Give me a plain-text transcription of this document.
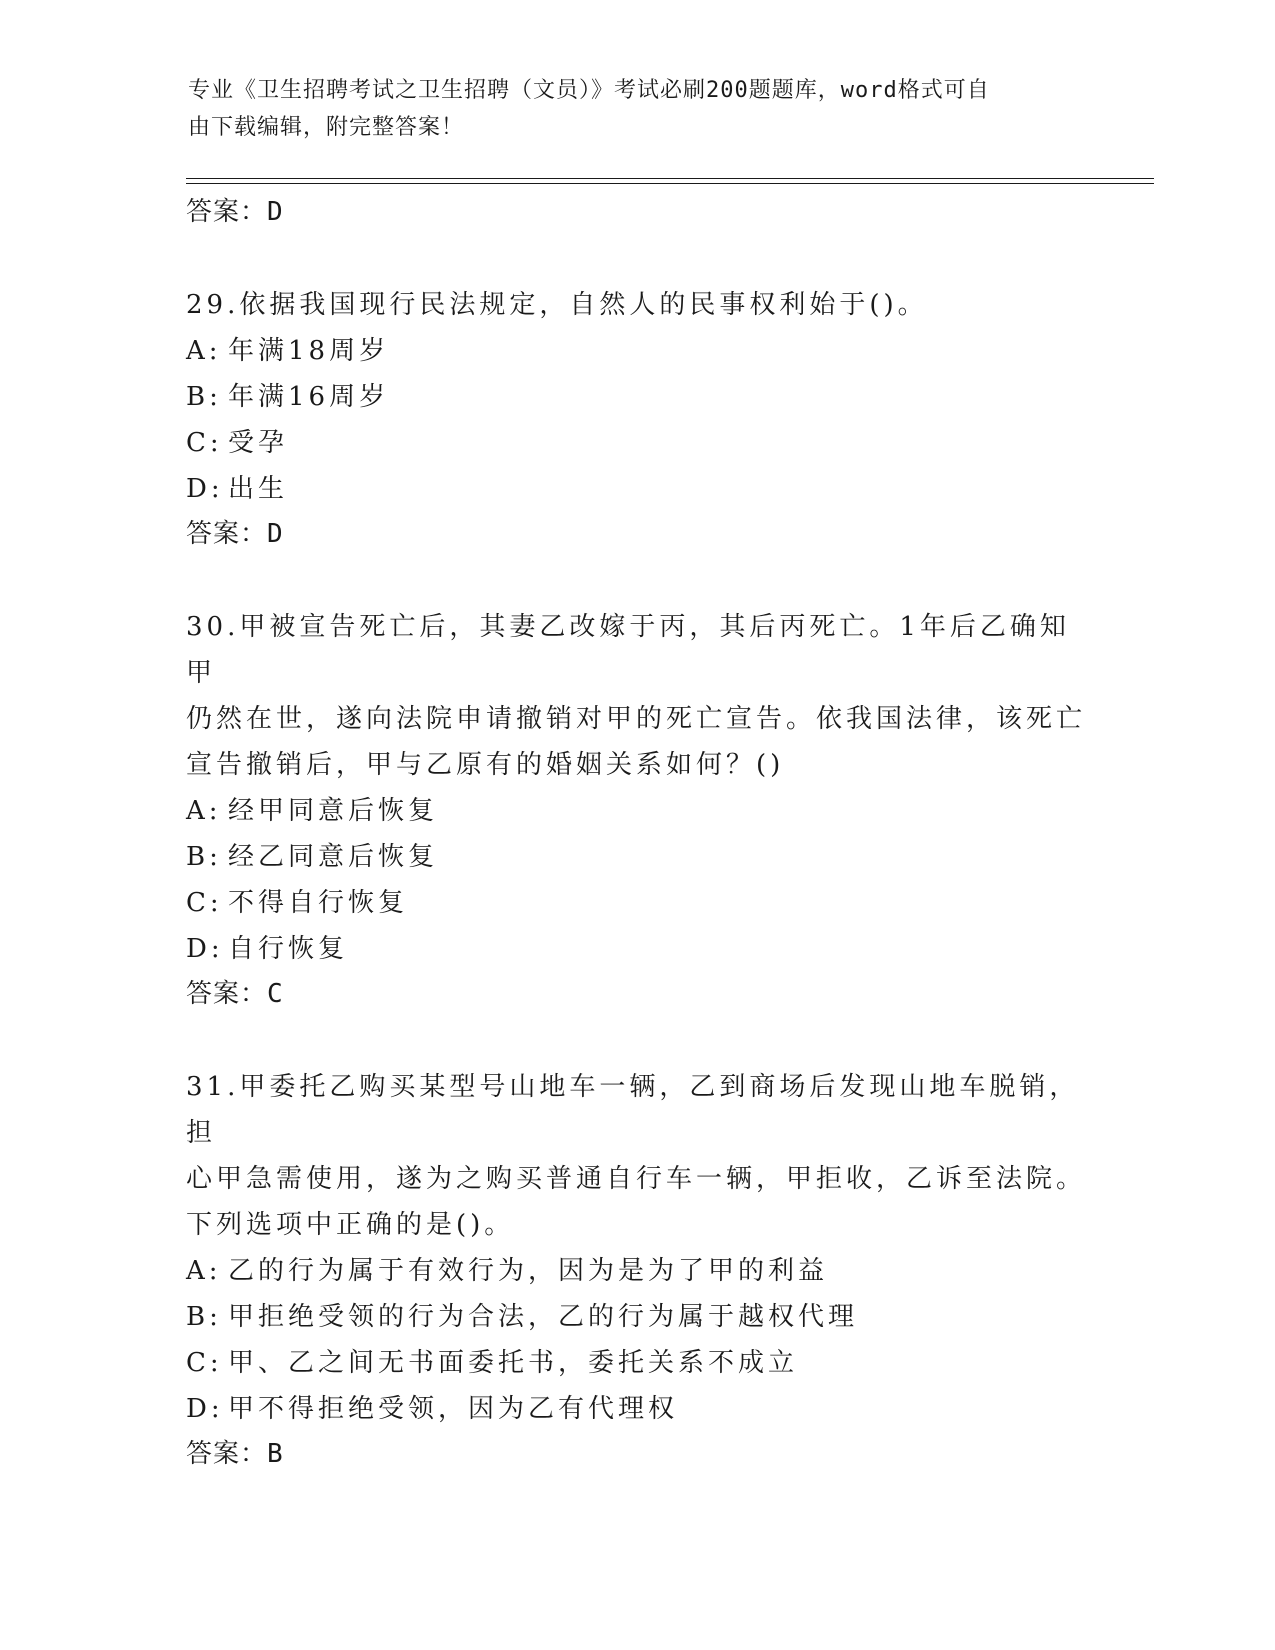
专业《卫生招聘考试之卫生招聘（文员）》考试必刷200题题库，word格式可自
由下载编辑，附完整答案！
答案：D
29.依据我国现行民法规定，自然人的民事权利始于()。
A: 年满18周岁
B: 年满16周岁
C: 受孕
D: 出生
答案：D
30.甲被宣告死亡后，其妻乙改嫁于丙，其后丙死亡。1年后乙确知甲
仍然在世，遂向法院申请撤销对甲的死亡宣告。依我国法律，该死亡
宣告撤销后，甲与乙原有的婚姻关系如何？()
A: 经甲同意后恢复
B: 经乙同意后恢复
C: 不得自行恢复
D: 自行恢复
答案：C
31.甲委托乙购买某型号山地车一辆，乙到商场后发现山地车脱销，担
心甲急需使用，遂为之购买普通自行车一辆，甲拒收，乙诉至法院。
下列选项中正确的是()。
A: 乙的行为属于有效行为，因为是为了甲的利益
B: 甲拒绝受领的行为合法，乙的行为属于越权代理
C: 甲、乙之间无书面委托书，委托关系不成立
D: 甲不得拒绝受领，因为乙有代理权
答案：B
